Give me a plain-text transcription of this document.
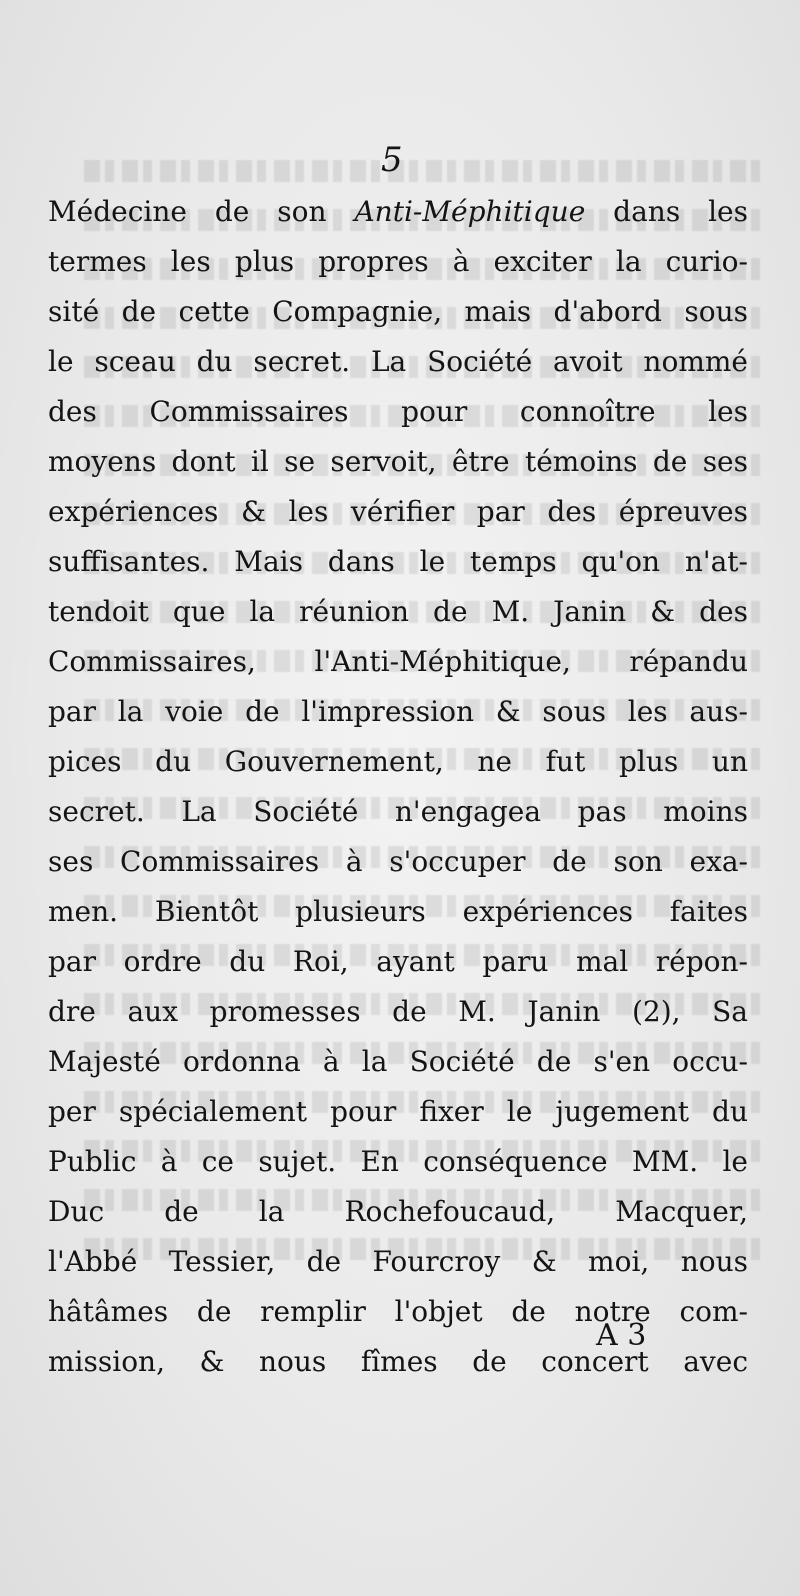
5
Médecine de son Anti-Méphitique dans les
termes les plus propres à exciter la curio-
sité de cette Compagnie, mais d'abord sous
le sceau du secret. La Société avoit nommé
des Commissaires pour connoître les
moyens dont il se servoit, être témoins de ses
expériences & les vérifier par des épreuves
suffisantes. Mais dans le temps qu'on n'at-
tendoit que la réunion de M. Janin & des
Commissaires, l'Anti-Méphitique, répandu
par la voie de l'impression & sous les aus-
pices du Gouvernement, ne fut plus un
secret. La Société n'engagea pas moins
ses Commissaires à s'occuper de son exa-
men. Bientôt plusieurs expériences faites
par ordre du Roi, ayant paru mal répon-
dre aux promesses de M. Janin (2), Sa
Majesté ordonna à la Société de s'en occu-
per spécialement pour fixer le jugement du
Public à ce sujet. En conséquence MM. le
Duc de la Rochefoucaud, Macquer,
l'Abbé Tessier, de Fourcroy & moi, nous
hâtâmes de remplir l'objet de notre com-
mission, & nous fîmes de concert avec
A 3
